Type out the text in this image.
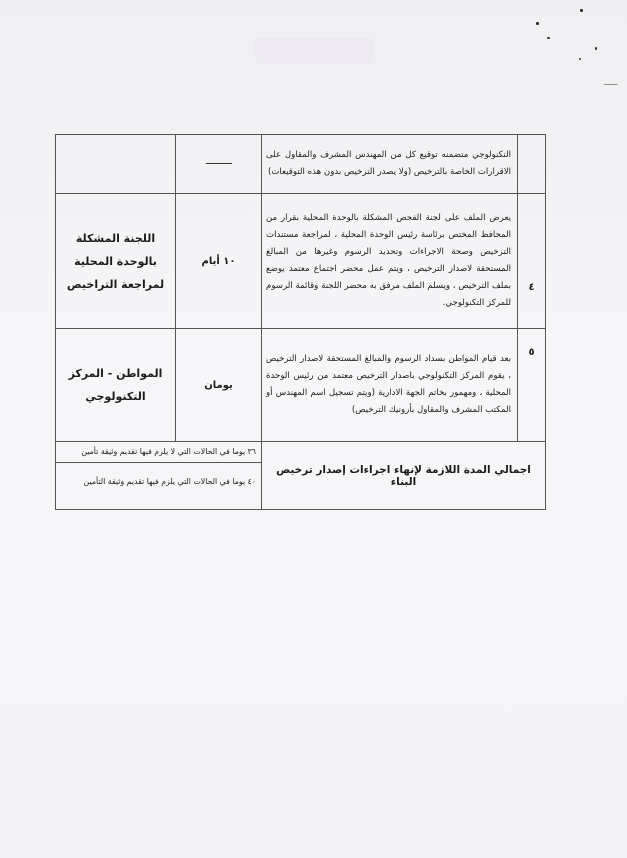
	التكنولوجي متضمنه توقيع كل من المهندس المشرف والمقاول على الاقرارات الخاصة بالترخيص (ولا يصدر الترخيص بدون هذه التوقيعات)		

٤	يعرض الملف على لجنة الفحص المشكلة بالوحدة المحلية بقرار من المحافظ المختص برئاسة رئيس الوحدة المحلية ، لمراجعة مستندات الترخيص وصحة الاجراءات وتحديد الرسوم وغيرها من المبالغ المستحقة لاصدار الترخيص ، ويتم عمل محضر اجتماع معتمد يوضع بملف الترخيص ، ويسلم الملف مرفق به محضر اللجنة وقائمة الرسوم للمركز التكنولوجي.	١٠ أيام	اللجنة المشكلة بالوحدة المحلية لمراجعة التراخيص

٥	بعد قيام المواطن بسداد الرسوم والمبالغ المستحقة لاصدار الترخيص ، يقوم المركز التكنولوجي باصدار الترخيص معتمد من رئيس الوحدة المحلية ، ومهمور بخاتم الجهة الادارية (ويتم تسجيل اسم المهندس أو المكتب المشرف والمقاول بأرونيك الترخيص)	يومان	المواطن - المركز التكنولوجي
اجمالي المدة اللازمة لإنهاء اجراءات إصدار ترخيص البناء		٣٦ يوما في الحالات التي لا يلزم فيها تقديم وثيقة تأمين
٤٠ يوما في الحالات التي يلزم فيها تقديم وثيقة التأمين	
